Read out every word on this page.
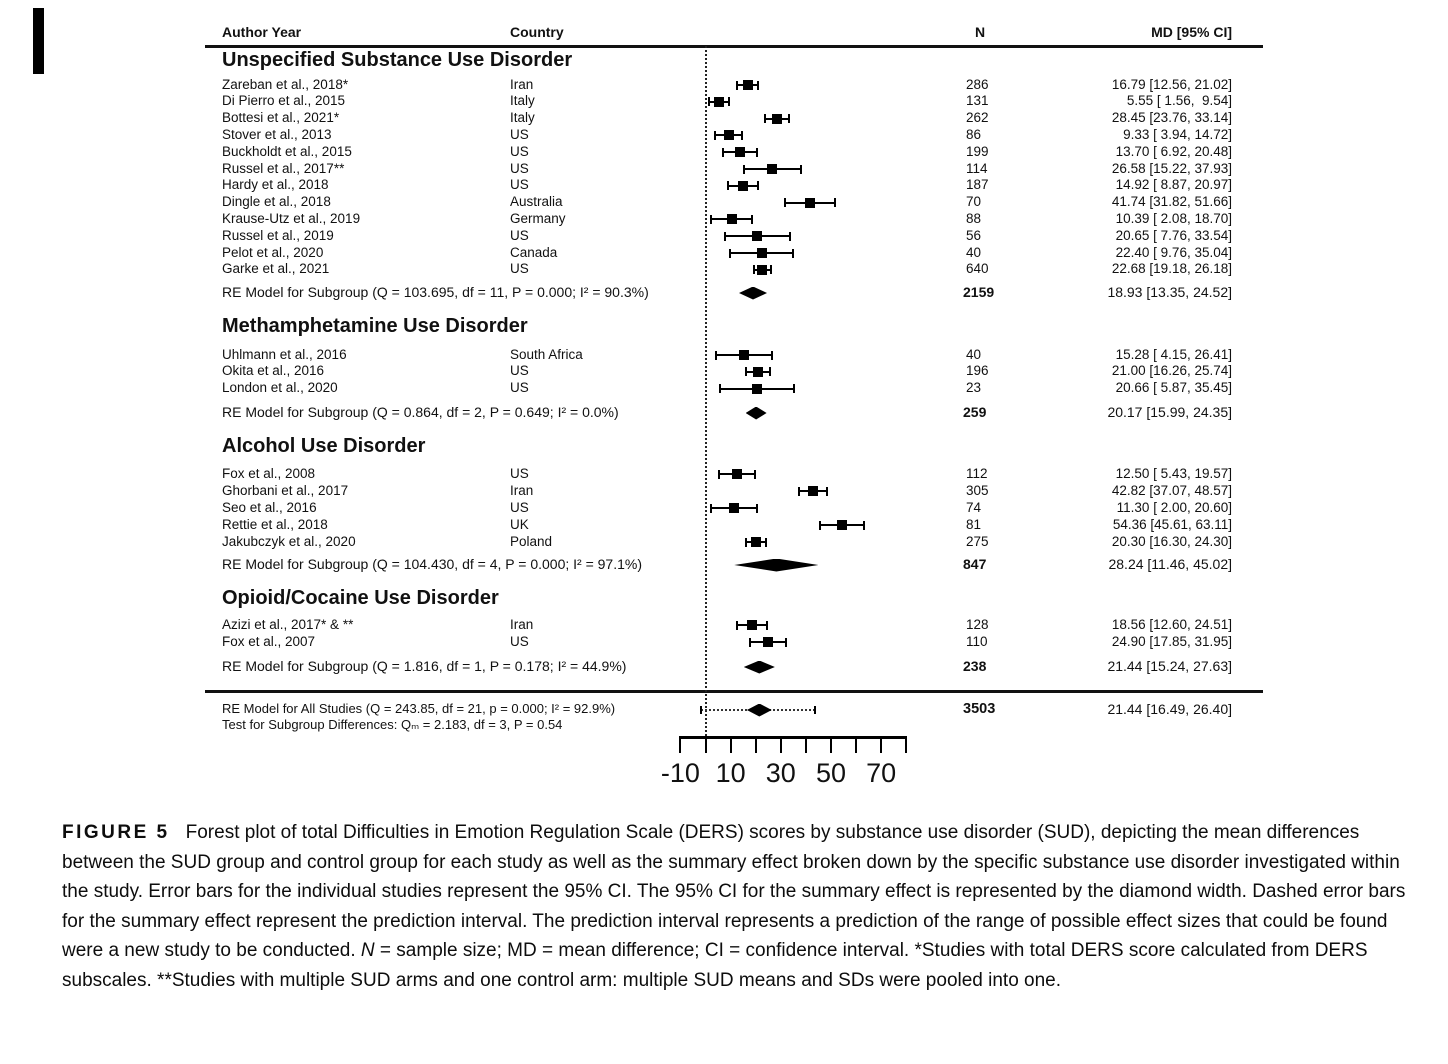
Author Year	Country	N	MD [95% CI]
Unspecified Substance Use Disorder
Zareban et al., 2018*	Iran	286	16.79 [12.56, 21.02]
Di Pierro et al., 2015	Italy	131	5.55 [ 1.56,  9.54]
Bottesi et al., 2021*	Italy	262	28.45 [23.76, 33.14]
Stover et al., 2013	US	86	9.33 [ 3.94, 14.72]
Buckholdt et al., 2015	US	199	13.70 [ 6.92, 20.48]
Russel et al., 2017**	US	114	26.58 [15.22, 37.93]
Hardy et al., 2018	US	187	14.92 [ 8.87, 20.97]
Dingle et al., 2018	Australia	70	41.74 [31.82, 51.66]
Krause-Utz et al., 2019	Germany	88	10.39 [ 2.08, 18.70]
Russel et al., 2019	US	56	20.65 [ 7.76, 33.54]
Pelot et al., 2020	Canada	40	22.40 [ 9.76, 35.04]
Garke et al., 2021	US	640	22.68 [19.18, 26.18]
RE Model for Subgroup (Q = 103.695, df = 11, P = 0.000; I² = 90.3%)	2159	18.93 [13.35, 24.52]
Methamphetamine Use Disorder
Uhlmann et al., 2016	South Africa	40	15.28 [ 4.15, 26.41]
Okita et al., 2016	US	196	21.00 [16.26, 25.74]
London et al., 2020	US	23	20.66 [ 5.87, 35.45]
RE Model for Subgroup (Q = 0.864, df = 2, P = 0.649; I² = 0.0%)	259	20.17 [15.99, 24.35]
Alcohol Use Disorder
Fox et al., 2008	US	112	12.50 [ 5.43, 19.57]
Ghorbani et al., 2017	Iran	305	42.82 [37.07, 48.57]
Seo et al., 2016	US	74	11.30 [ 2.00, 20.60]
Rettie et al., 2018	UK	81	54.36 [45.61, 63.11]
Jakubczyk et al., 2020	Poland	275	20.30 [16.30, 24.30]
RE Model for Subgroup (Q = 104.430, df = 4, P = 0.000; I² = 97.1%)	847	28.24 [11.46, 45.02]
Opioid/Cocaine Use Disorder
Azizi et al., 2017* & **	Iran	128	18.56 [12.60, 24.51]
Fox et al., 2007	US	110	24.90 [17.85, 31.95]
RE Model for Subgroup (Q = 1.816, df = 1, P = 0.178; I² = 44.9%)	238	21.44 [15.24, 27.63]
RE Model for All Studies (Q = 243.85, df = 21, p = 0.000; I² = 92.9%)
Test for Subgroup Differences: Qₘ = 2.183, df = 3, P = 0.54
3503	21.44 [16.49, 26.40]
-10 10 30 50 70

FIGURE 5 Forest plot of total Difficulties in Emotion Regulation Scale (DERS) scores by substance use disorder (SUD), depicting the mean differences between the SUD group and control group for each study as well as the summary effect broken down by the specific substance use disorder investigated within the study. Error bars for the individual studies represent the 95% CI. The 95% CI for the summary effect is represented by the diamond width. Dashed error bars for the summary effect represent the prediction interval. The prediction interval represents a prediction of the range of possible effect sizes that could be found were a new study to be conducted. N = sample size; MD = mean difference; CI = confidence interval. *Studies with total DERS score calculated from DERS subscales. **Studies with multiple SUD arms and one control arm: multiple SUD means and SDs were pooled into one.
